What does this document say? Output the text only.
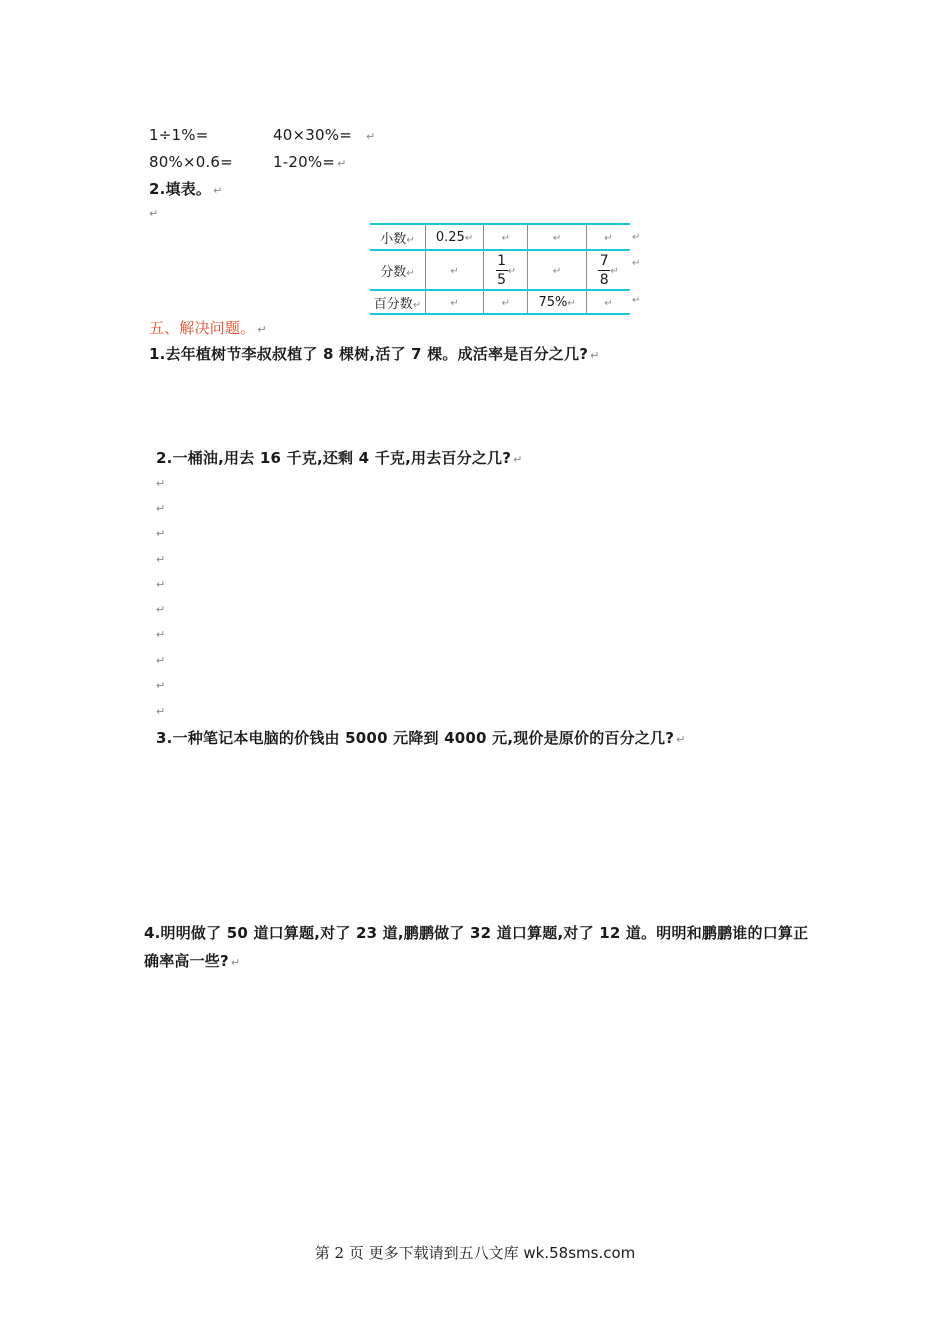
1÷1%=	40×30%= ↵
80%×0.6=	1-20%= ↵
2.填表。 ↵
↵
小数↵	0.25↵	↵	↵	↵
分数↵	↵	$\frac{1}{5}$ ↵	↵	$\frac{7}{8}$ ↵
百分数↵	↵	↵	75%↵	↵
↵
↵
↵
五、解决问题。 ↵
1.去年植树节李叔叔植了 8 棵树,活了 7 棵。成活率是百分之几? ↵
2.一桶油,用去 16 千克,还剩 4 千克,用去百分之几? ↵
↵
↵
↵
↵
↵
↵
↵
↵
↵
↵
3.一种笔记本电脑的价钱由 5000 元降到 4000 元,现价是原价的百分之几? ↵
4.明明做了 50 道口算题,对了 23 道,鹏鹏做了 32 道口算题,对了 12 道。明明和鹏鹏谁的口算正
确率高一些? ↵
第 2 页 更多下载请到五八文库 wk.58sms.com
